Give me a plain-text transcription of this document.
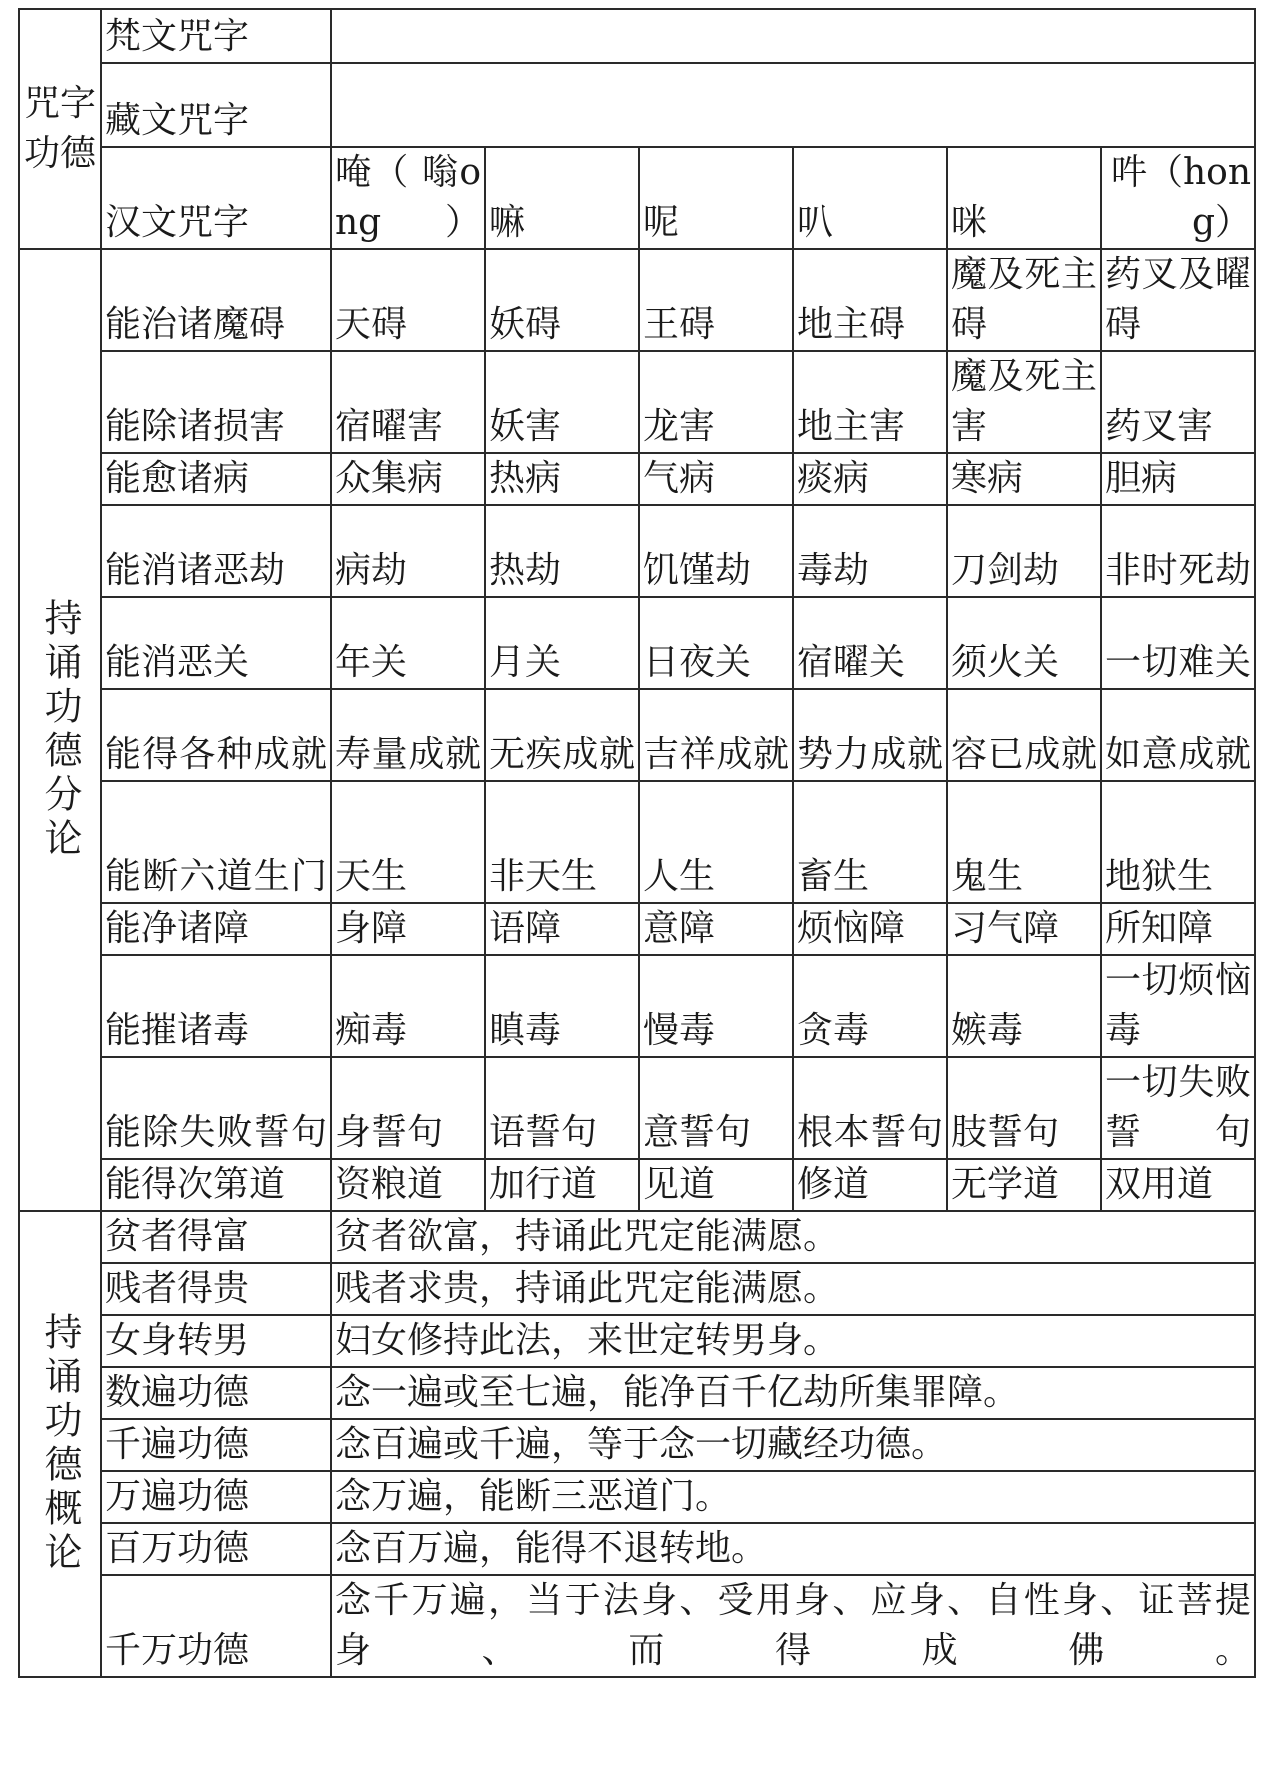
咒字功德	梵文咒字						
	藏文咒字						
	汉文咒字	唵（ 嗡ong）	嘛	呢	叭	咪	吽（hong）
持诵功德分论	能治诸魔碍	天碍	妖碍	王碍	地主碍	魔及死主碍	药叉及曜碍
	能除诸损害	宿曜害	妖害	龙害	地主害	魔及死主害	药叉害
	能愈诸病	众集病	热病	气病	痰病	寒病	胆病
	能消诸恶劫	病劫	热劫	饥馑劫	毒劫	刀剑劫	非时死劫
	能消恶关	年关	月关	日夜关	宿曜关	须火关	一切难关
	能得各种成就	寿量成就	无疾成就	吉祥成就	势力成就	容已成就	如意成就
	能断六道生门	天生	非天生	人生	畜生	鬼生	地狱生
	能净诸障	身障	语障	意障	烦恼障	习气障	所知障
	能摧诸毒	痴毒	瞋毒	慢毒	贪毒	嫉毒	一切烦恼毒
	能除失败誓句	身誓句	语誓句	意誓句	根本誓句	肢誓句	一切失败誓句
	能得次第道	资粮道	加行道	见道	修道	无学道	双用道
持诵功德概论	贫者得富	贫者欲富，持诵此咒定能满愿。					
	贱者得贵	贱者求贵，持诵此咒定能满愿。					
	女身转男	妇女修持此法，来世定转男身。					
	数遍功德	念一遍或至七遍，能净百千亿劫所集罪障。					
	千遍功德	念百遍或千遍，等于念一切藏经功德。					
	万遍功德	念万遍，能断三恶道门。					
	百万功德	念百万遍，能得不退转地。					
	千万功德	念千万遍，当于法身、受用身、应身、自性身、证菩提身、而得成佛。					
